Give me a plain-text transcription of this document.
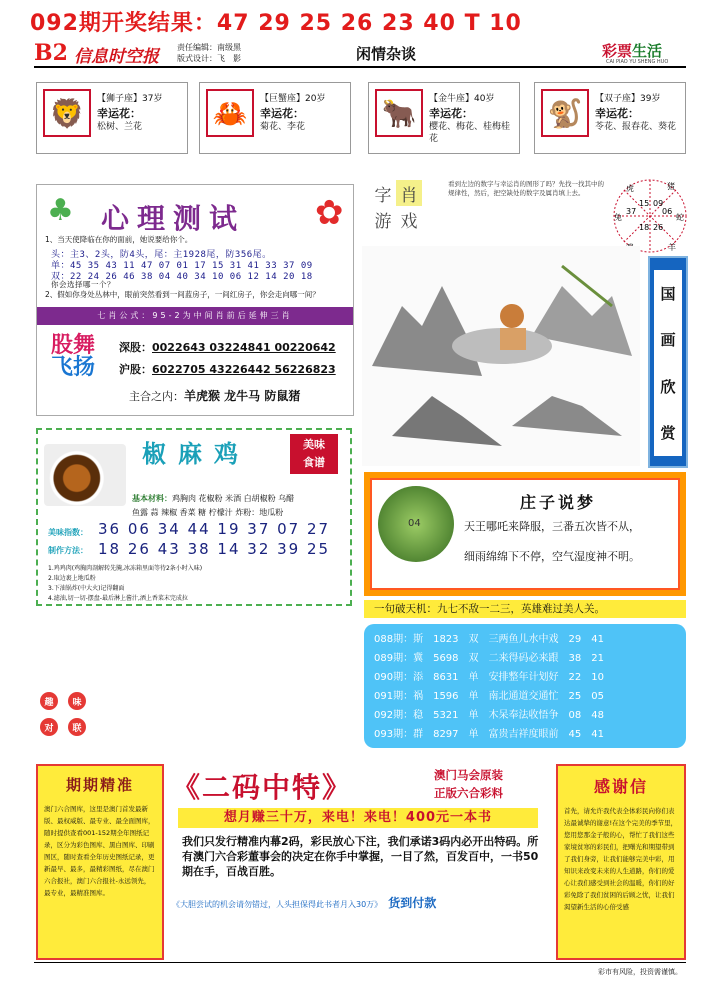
092期开奖结果：47 29 25 26 23 40 T 10
B2 信息时空报 责任编辑：南级黑
版式设计：飞　影	闲情杂谈	彩票生活
CAI PIAO YU SHENG HUO
🦁	【狮子座】37岁
幸运花：
松树、兰花	🦀	【巨蟹座】20岁
幸运花：
菊花、李花	🐂	【金牛座】40岁
幸运花：
樱花、梅花、桂梅桂花
🐒	【双子座】39岁
幸运花：
苓花、报春花、葵花
♣ 心理测试 ✿
1、当天使降临在你的面前，她说要给你个。
头：主3、2头，防4头，尾：主1928尾，防356尾。
单：45 35 43 11 47 07 01 17 15 31 41 33 37 09
双：22 24 26 46 38 04 40 34 10 06 12 14 20 18
你会选择哪一个？
2、假如你身处丛林中，眼前突然看到一间蓝房子，一间红房子，你会走向哪一间？
七肖公式：95-2为中间肖前后延伸三肖
股舞
飞扬
深股：0022643 03224841 00220642
沪股：6022705 43226442 56226823
主合之内：羊虎猴 龙牛马 防鼠猪
字 肖
游 戏
看到左边的数字与幸运肖的图形了吗？先找一找其中的规律性，然后，把空缺处的数字及属肖填上去。	虎	猪
兔	蛇
鸡	羊
15 09
37	06
18 26
国
画
欣
赏
椒麻鸡	美味
食谱
基本材料：鸡胸肉 花椒粉 米酒 白胡椒粉 乌醋
鱼露 蒜 辣椒 香菜 糖 柠檬汁 炸粉：地瓜粉
美味指数：
制作方法：
36 06 34 44 19 37 07 27
18 26 43 38 14 32 39 25
1.鸡鸡肉(鸡胸肉剖解转先腌,冰冻箱里面等待2条小时入味)
2.取边裹上地瓜粉
3.下油锅炸(中大火)记得翻面
4.滤油,切一切-摆盘-最后淋上酱汁,洒上香菜末完成拉
趣	味
对	联
04
庄子说梦
天王哪吒来降服，三番五次皆不从，
细雨绵绵下不停，空气湿度神不明。
一句破天机：九七不敌一二三，英雄难过美人关。
088期：斯　1823　双　三两鱼儿水中戏　29　41
089期：冀　5698　双　二来得码必来跟　38　21
090期：添　8631　单　安排整年计划好　22　10
091期：祸　1596　单　南北通道交通忙　25　05
092期：稳　5321　单　木呆奉法收悟争　08　48
093期：群　8297　单　富贵吉祥度眼前　45　41
期期精准

澳门六合图库，这里是澳门首发最新版、最权威版、最专业、最全面图库，随时提供查看001-152期全年图纸记录，区分为彩色图库、黑白图库、印刷图区，随时查看全年历史图纸记录，更新最早、最多，最精彩图纸，尽在澳门六合报社，澳门六合报社-永远领先，最专业，最精准图库。

《二码中特》	澳门马会原装
正版六合彩料
想月赚三十万，来电！来电！400元一本书
我们只发行精准内幕2码，彩民放心下注，我们承诺3码内必开出特码。所有澳门六合彩董事会的决定在你手中掌握，一目了然，百发百中，一书50期在手，百战百胜。
《大胆尝试的机会请勿错过，人头担保得此书者月入30万》 货到付款
感谢信

首先，请允许我代表全体彩民向你们表达最诚挚的谢意!在这个完美的季节里，您用您那金子般的心，帮忙了我们这些家境贫寒的彩民们，把曙光和期望带到了我们身旁，让我们能够完美中彩，用知识来改变未来的人生道路，你们的爱心让我们感受到社会的温暖，你们的好彩免除了我们贫困的后顾之忧，让我们渴望新生活的心倍受感

彩市有风险，投资需谨慎。
